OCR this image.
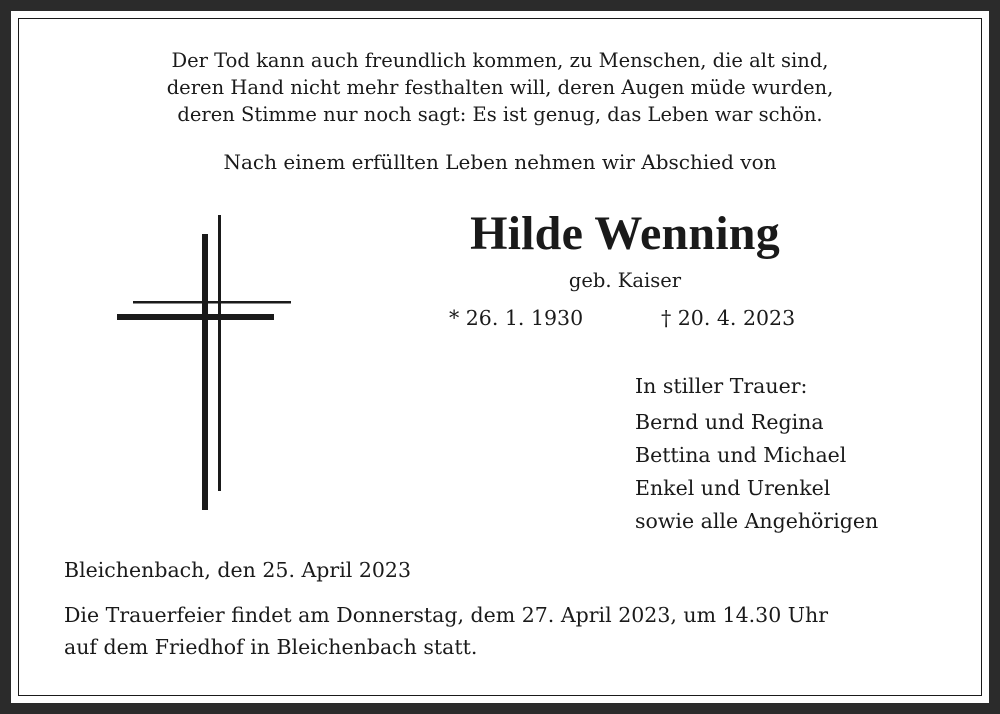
Der Tod kann auch freundlich kommen, zu Menschen, die alt sind,
deren Hand nicht mehr festhalten will, deren Augen müde wurden,
deren Stimme nur noch sagt: Es ist genug, das Leben war schön.
Nach einem erfüllten Leben nehmen wir Abschied von
Hilde Wenning
geb. Kaiser
* 26. 1. 1930	† 20. 4. 2023
In stiller Trauer:
Bernd und Regina
Bettina und Michael
Enkel und Urenkel
sowie alle Angehörigen
Bleichenbach, den 25. April 2023
Die Trauerfeier findet am Donnerstag, dem 27. April 2023, um 14.30 Uhr
auf dem Friedhof in Bleichenbach statt.
